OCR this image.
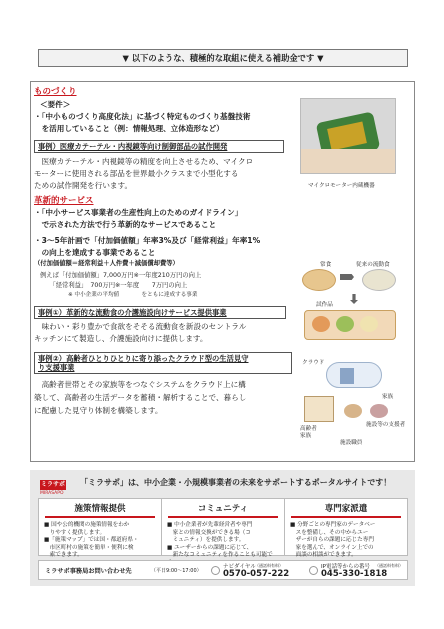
▼ 以下のような、積極的な取組に使える補助金です ▼
ものづくり
＜要件＞
・「中小ものづくり高度化法」に基づく特定ものづくり基盤技術
　を活用していること（例：情報処理、立体造形など）
事例）医療カテーテル・内視鏡等向け制御部品の試作開発
　医療カテーテル・内視鏡等の精度を向上させるため、マイクロ
モーターに使用される部品を世界最小クラスまで小型化する
ための試作開発を行います。	マイクロモーター内蔵機器
革新的サービス
・「中小サービス事業者の生産性向上のためのガイドライン」
　で示された方法で行う革新的なサービスであること
・3～5年計画で「付加価値額」年率3%及び「経常利益」年率1%
　の向上を達成する事業であること
（付加価値額＝経常利益＋人件費＋減価償却費等）
例えば「付加価値額」7,000万円※一年度210万円の向上
　　「経常利益」　700万円※一年度　　7万円の向上
　　　　　※ 中小企業の平均値　　　　をともに達成する事業
事例①）革新的な流動食の介護施設向けサービス提供事業
　味わい・彩り豊かで食欲をそそる流動食を新設のセントラル
キッチンにて製造し、介護施設向けに提供します。
事例②）高齢者ひとりひとりに寄り添ったクラウド型の生活見守
り支援事業
　高齢者世帯とその家族等をつなぐシステムをクラウド上に構
築して、高齢者の生活データを蓄積・解析することで、暮らし
に配慮した見守り体制を構築します。
常食	従来の流動食
試作品
クラウド
高齢者
家族
施設職員
施設等の支援者
家族
ミラサポ
MIRASAPO
「ミラサポ」は、中小企業・小規模事業者の未来をサポートするポータルサイトです！
施策情報提供
■ 国や公的機関の施策情報をわか
　りやすく提供します。
■「施策マップ」では国・都道府県・
　市区町村の施策を簡単・便利に検
　索できます。
コミュニティ
■ 中小企業者が先輩経営者や専門
　家との情報交換ができる場（コ
　ミュニティ）を提供します。
■ ユーザーからの課題に応じて、
　新たなコミュニティを作ることも可能で
専門家派遣
■ 分野ごとの専門家のデータベー
　スを整備し、その中からユー
　ザーが自らの課題に応じた専門
　家を選んで、オンライン上での
　面談の相談ができます。
ミラサポ事務局お問い合わせ先	（平日9:00～17:00）
ナビダイヤル （通話料有料）
0570-057-222
IP電話等からの番号 （通話料有料）
045-330-1818
